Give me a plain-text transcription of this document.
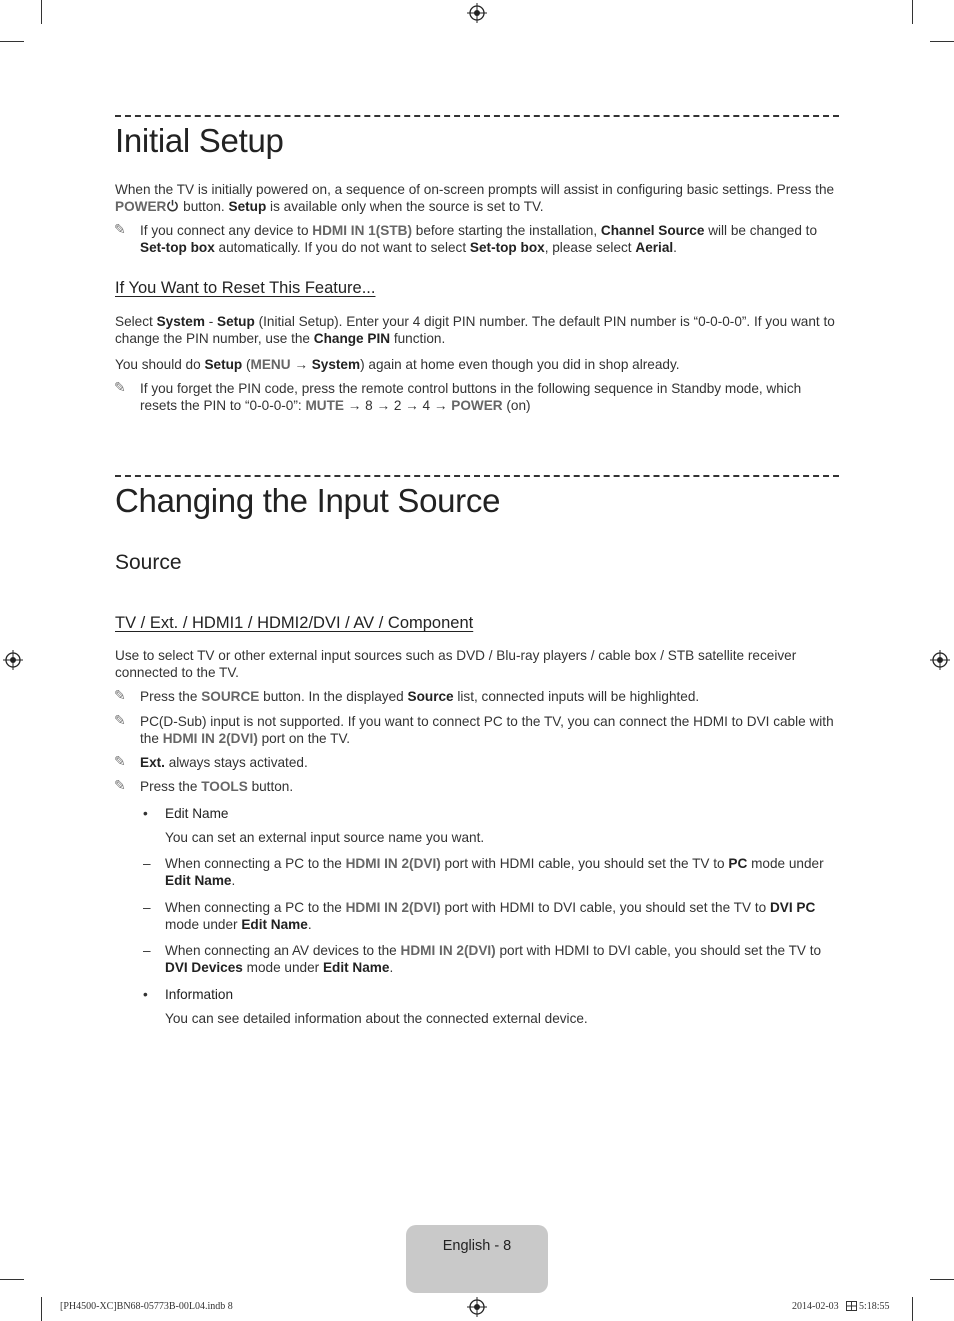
Initial Setup

When the TV is initially powered on, a sequence of on-screen prompts will assist in configuring basic settings. Press the POWER button. Setup is available only when the source is set to TV.

✎ If you connect any device to HDMI IN 1(STB) before starting the installation, Channel Source will be changed to Set-top box automatically. If you do not want to select Set-top box, please select Aerial.

If You Want to Reset This Feature...

Select System - Setup (Initial Setup). Enter your 4 digit PIN number. The default PIN number is “0-0-0-0”. If you want to change the PIN number, use the Change PIN function.

You should do Setup (MENU → System) again at home even though you did in shop already.

✎ If you forget the PIN code, press the remote control buttons in the following sequence in Standby mode, which resets the PIN to “0-0-0-0”: MUTE → 8 → 2 → 4 → POWER (on)

Changing the Input Source
Source
TV / Ext. / HDMI1 / HDMI2/DVI / AV / Component

Use to select TV or other external input sources such as DVD / Blu-ray players / cable box / STB satellite receiver connected to the TV.

✎ Press the SOURCE button. In the displayed Source list, connected inputs will be highlighted.

✎ PC(D-Sub) input is not supported. If you want to connect PC to the TV, you can connect the HDMI to DVI cable with the HDMI IN 2(DVI) port on the TV.

✎ Ext. always stays activated.

✎ Press the TOOLS button.

• Edit Name

You can set an external input source name you want.

– When connecting a PC to the HDMI IN 2(DVI) port with HDMI cable, you should set the TV to PC mode under Edit Name.

– When connecting a PC to the HDMI IN 2(DVI) port with HDMI to DVI cable, you should set the TV to DVI PC mode under Edit Name.

– When connecting an AV devices to the HDMI IN 2(DVI) port with HDMI to DVI cable, you should set the TV to DVI Devices mode under Edit Name.

• Information

You can see detailed information about the connected external device.

English - 8
[PH4500-XC]BN68-05773B-00L04.indb 8	2014-02-03 5:18:55
